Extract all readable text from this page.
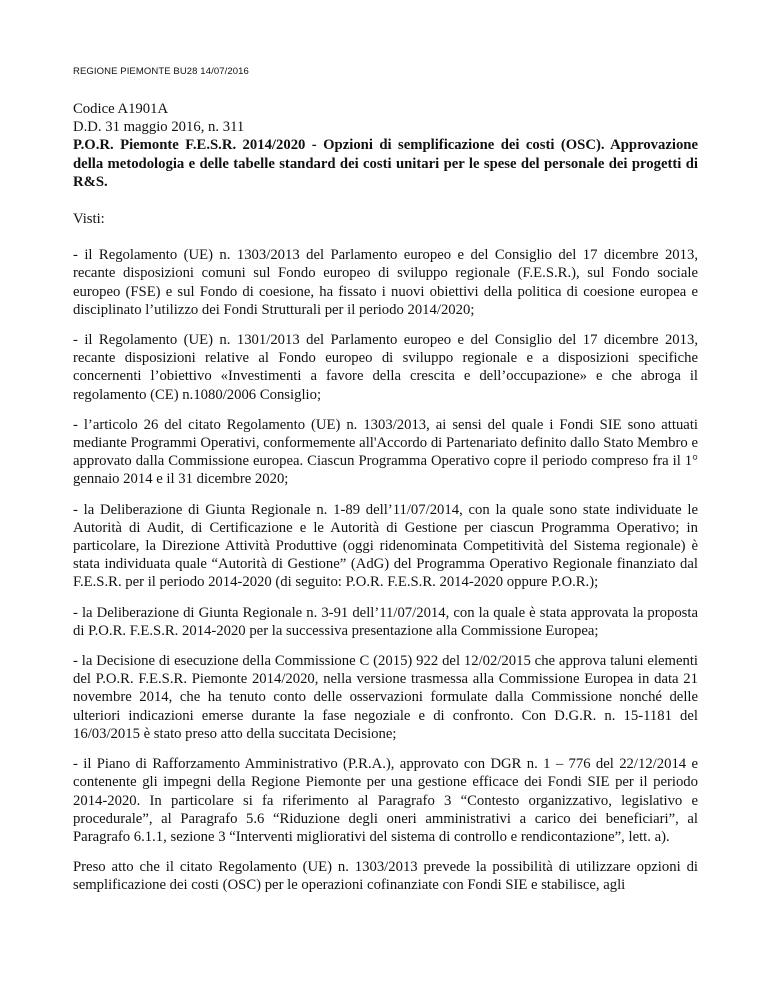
REGIONE PIEMONTE BU28 14/07/2016
Codice A1901A
D.D. 31 maggio 2016, n. 311
P.O.R. Piemonte F.E.S.R. 2014/2020 - Opzioni di semplificazione dei costi (OSC). Approvazione della metodologia e delle tabelle standard dei costi unitari per le spese del personale dei progetti di R&S.

Visti:

- il Regolamento (UE) n. 1303/2013 del Parlamento europeo e del Consiglio del 17 dicembre 2013, recante disposizioni comuni sul Fondo europeo di sviluppo regionale (F.E.S.R.), sul Fondo sociale europeo (FSE) e sul Fondo di coesione, ha fissato i nuovi obiettivi della politica di coesione europea e disciplinato l’utilizzo dei Fondi Strutturali per il periodo 2014/2020;

- il Regolamento (UE) n. 1301/2013 del Parlamento europeo e del Consiglio del 17 dicembre 2013, recante disposizioni relative al Fondo europeo di sviluppo regionale e a disposizioni specifiche concernenti l’obiettivo «Investimenti a favore della crescita e dell’occupazione» e che abroga il regolamento (CE) n.1080/2006 Consiglio;

- l’articolo 26 del citato Regolamento (UE) n. 1303/2013, ai sensi del quale i Fondi SIE sono attuati mediante Programmi Operativi, conformemente all'Accordo di Partenariato definito dallo Stato Membro e approvato dalla Commissione europea. Ciascun Programma Operativo copre il periodo compreso fra il 1° gennaio 2014 e il 31 dicembre 2020;

- la Deliberazione di Giunta Regionale n. 1-89 dell’11/07/2014, con la quale sono state individuate le Autorità di Audit, di Certificazione e le Autorità di Gestione per ciascun Programma Operativo; in particolare, la Direzione Attività Produttive (oggi ridenominata Competitività del Sistema regionale) è stata individuata quale “Autorità di Gestione” (AdG) del Programma Operativo Regionale finanziato dal F.E.S.R. per il periodo 2014-2020 (di seguito: P.O.R. F.E.S.R. 2014-2020 oppure P.O.R.);

- la Deliberazione di Giunta Regionale n. 3-91 dell’11/07/2014, con la quale è stata approvata la proposta di P.O.R. F.E.S.R. 2014-2020 per la successiva presentazione alla Commissione Europea;

- la Decisione di esecuzione della Commissione C (2015) 922 del 12/02/2015 che approva taluni elementi del P.O.R. F.E.S.R. Piemonte 2014/2020, nella versione trasmessa alla Commissione Europea in data 21 novembre 2014, che ha tenuto conto delle osservazioni formulate dalla Commissione nonché delle ulteriori indicazioni emerse durante la fase negoziale e di confronto. Con D.G.R. n. 15-1181 del 16/03/2015 è stato preso atto della succitata Decisione;

- il Piano di Rafforzamento Amministrativo (P.R.A.), approvato con DGR n. 1 – 776 del 22/12/2014 e contenente gli impegni della Regione Piemonte per una gestione efficace dei Fondi SIE per il periodo 2014-2020. In particolare si fa riferimento al Paragrafo 3 “Contesto organizzativo, legislativo e procedurale”, al Paragrafo 5.6 “Riduzione degli oneri amministrativi a carico dei beneficiari”, al Paragrafo 6.1.1, sezione 3 “Interventi migliorativi del sistema di controllo e rendicontazione”, lett. a).

Preso atto che il citato Regolamento (UE) n. 1303/2013 prevede la possibilità di utilizzare opzioni di semplificazione dei costi (OSC) per le operazioni cofinanziate con Fondi SIE e stabilisce, agli
